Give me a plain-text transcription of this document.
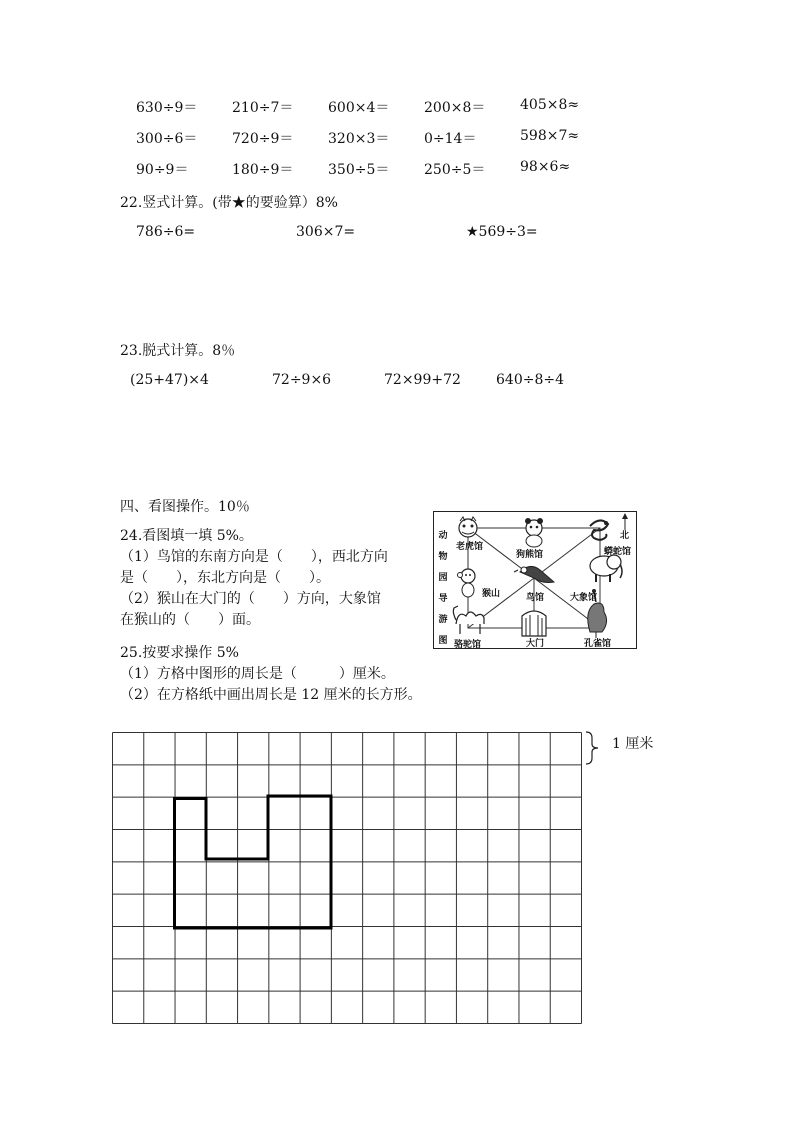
630÷9＝ 210÷7＝ 600×4＝ 200×8＝ 405×8≈
300÷6＝ 720÷9＝ 320×3＝ 0÷14＝	598×7≈
90÷9＝	180÷9＝ 350÷5＝ 250÷5＝ 98×6≈
22.竖式计算。(带★的要验算）8%
786÷6=	306×7=	★569÷3=
23.脱式计算。8％
(25+47)×4	72÷9×6	72×99+72	640÷8÷4
四、看图操作。10％
24.看图填一填 5%。
（1）鸟馆的东南方向是（　　），西北方向
是（　　），东北方向是（　　）。
（2）猴山在大门的（　　）方向，大象馆
在猴山的（　　）面。
动
物
园
导
游
图
北
老虎馆
狗熊馆	蟒蛇馆
猴山	鸟馆	大象馆
骆驼馆	大门	孔雀馆
25.按要求操作 5%
（1）方格中图形的周长是（　　　）厘米。
（2）在方格纸中画出周长是 12 厘米的长方形。
1 厘米
